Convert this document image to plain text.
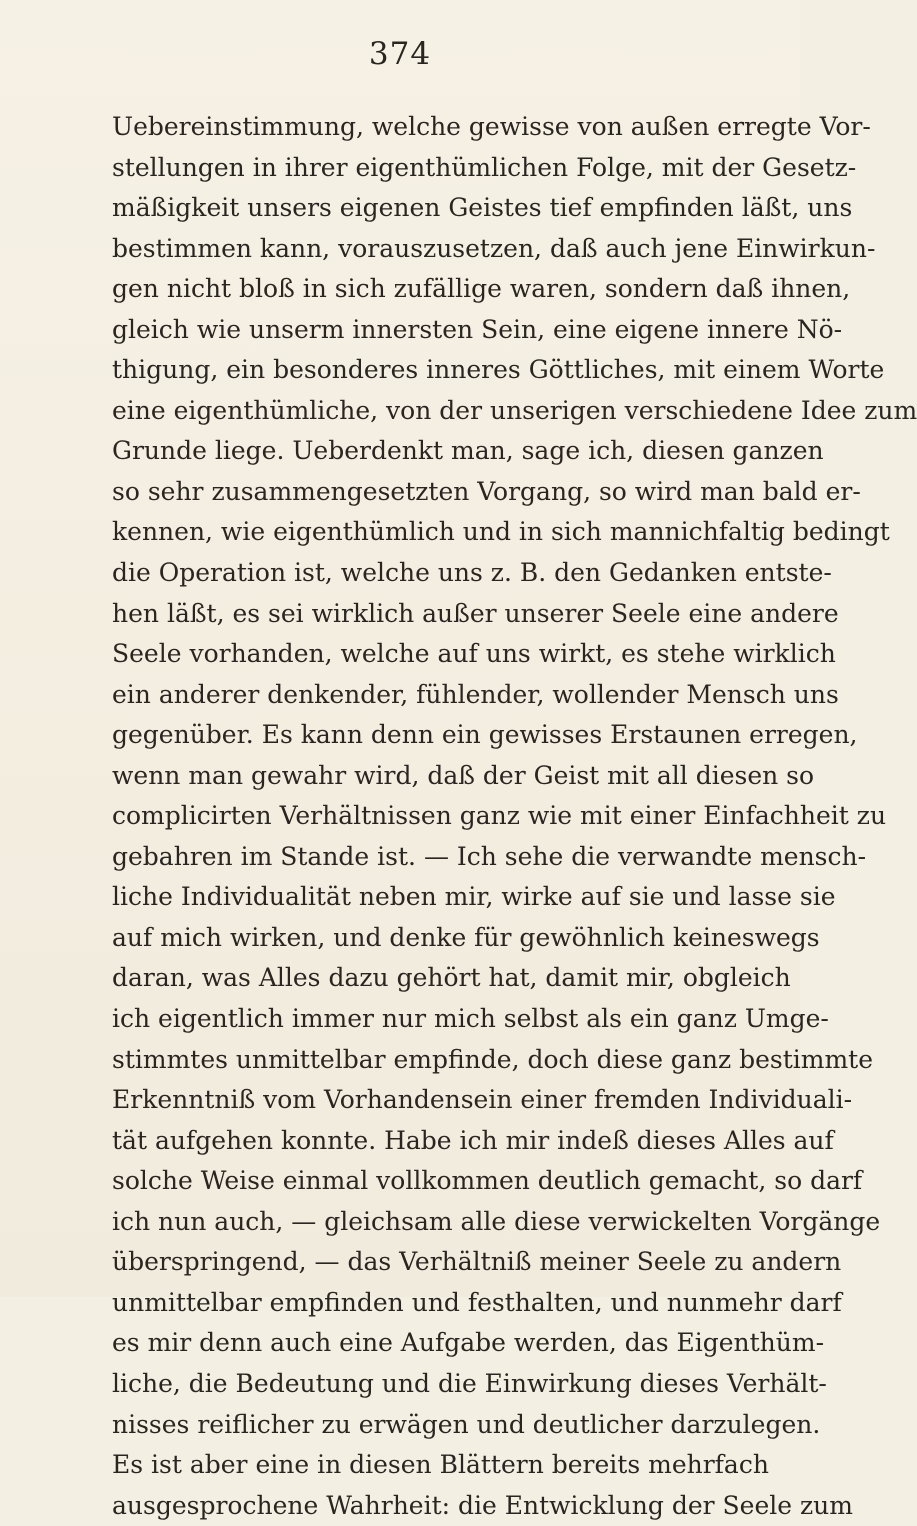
374
Uebereinstimmung, welche gewisse von außen erregte Vor-
stellungen in ihrer eigenthümlichen Folge, mit der Gesetz-
mäßigkeit unsers eigenen Geistes tief empfinden läßt, uns
bestimmen kann, vorauszusetzen, daß auch jene Einwirkun-
gen nicht bloß in sich zufällige waren, sondern daß ihnen,
gleich wie unserm innersten Sein, eine eigene innere Nö-
thigung, ein besonderes inneres Göttliches, mit einem Worte
eine eigenthümliche, von der unserigen verschiedene Idee zum
Grunde liege. Ueberdenkt man, sage ich, diesen ganzen
so sehr zusammengesetzten Vorgang, so wird man bald er-
kennen, wie eigenthümlich und in sich mannichfaltig bedingt
die Operation ist, welche uns z. B. den Gedanken entste-
hen läßt, es sei wirklich außer unserer Seele eine andere
Seele vorhanden, welche auf uns wirkt, es stehe wirklich
ein anderer denkender, fühlender, wollender Mensch uns
gegenüber. Es kann denn ein gewisses Erstaunen erregen,
wenn man gewahr wird, daß der Geist mit all diesen so
complicirten Verhältnissen ganz wie mit einer Einfachheit zu
gebahren im Stande ist. — Ich sehe die verwandte mensch-
liche Individualität neben mir, wirke auf sie und lasse sie
auf mich wirken, und denke für gewöhnlich keineswegs
daran, was Alles dazu gehört hat, damit mir, obgleich
ich eigentlich immer nur mich selbst als ein ganz Umge-
stimmtes unmittelbar empfinde, doch diese ganz bestimmte
Erkenntniß vom Vorhandensein einer fremden Individuali-
tät aufgehen konnte. Habe ich mir indeß dieses Alles auf
solche Weise einmal vollkommen deutlich gemacht, so darf
ich nun auch, — gleichsam alle diese verwickelten Vorgänge
überspringend, — das Verhältniß meiner Seele zu andern
unmittelbar empfinden und festhalten, und nunmehr darf
es mir denn auch eine Aufgabe werden, das Eigenthüm-
liche, die Bedeutung und die Einwirkung dieses Verhält-
nisses reiflicher zu erwägen und deutlicher darzulegen.
Es ist aber eine in diesen Blättern bereits mehrfach
ausgesprochene Wahrheit: die Entwicklung der Seele zum
